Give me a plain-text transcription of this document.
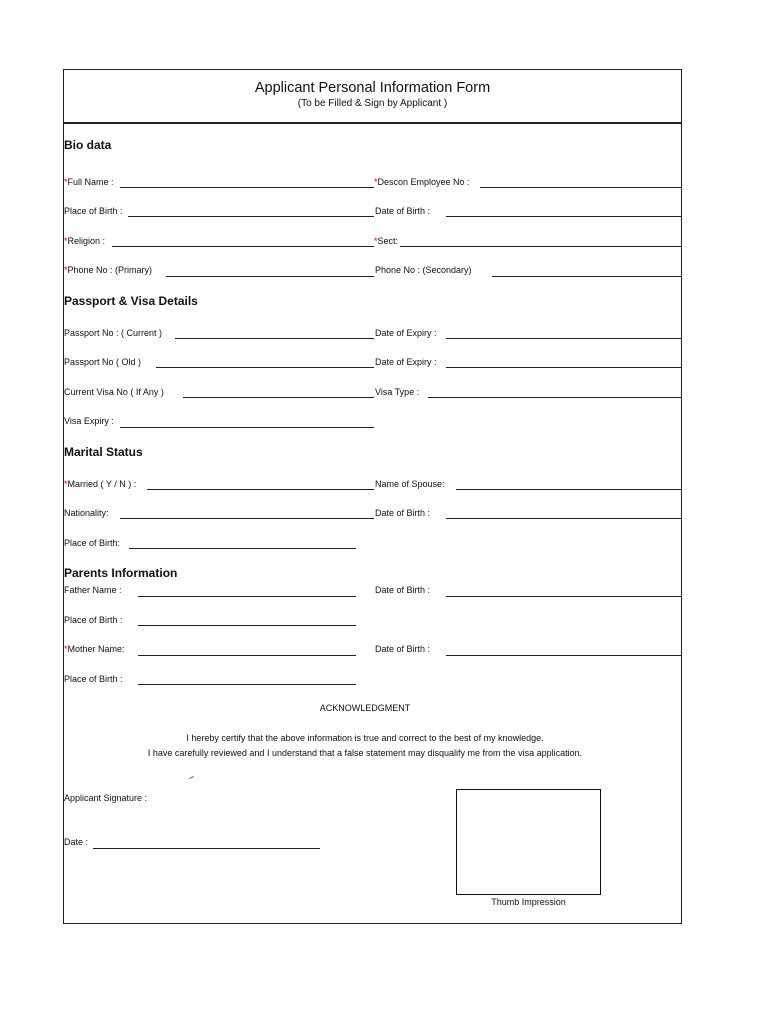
Applicant Personal Information Form
(To be Filled & Sign by Applicant )
Bio data
*Full Name :	*Descon Employee No :
Place of Birth :	Date of Birth :
*Religion :	*Sect:
*Phone No : (Primary)	Phone No : (Secondary)
Passport & Visa Details
Passport No : ( Current )	Date of Expiry :
Passport No ( Old )	Date of Expiry :
Current Visa No ( If Any )	Visa Type :
Visa Expiry :
Marital Status
*Married ( Y / N ) :	Name of Spouse:
Nationality:	Date of Birth :
Place of Birth:
Parents Information
Father Name :	Date of Birth :
Place of Birth :
*Mother Name:	Date of Birth :
Place of Birth :
ACKNOWLEDGMENT
I hereby certify that the above information is true and correct to the best of my knowledge.
I have carefully reviewed and I understand that a false statement may disqualify me from the visa application.
Applicant Signature :
Date :
Thumb Impression
